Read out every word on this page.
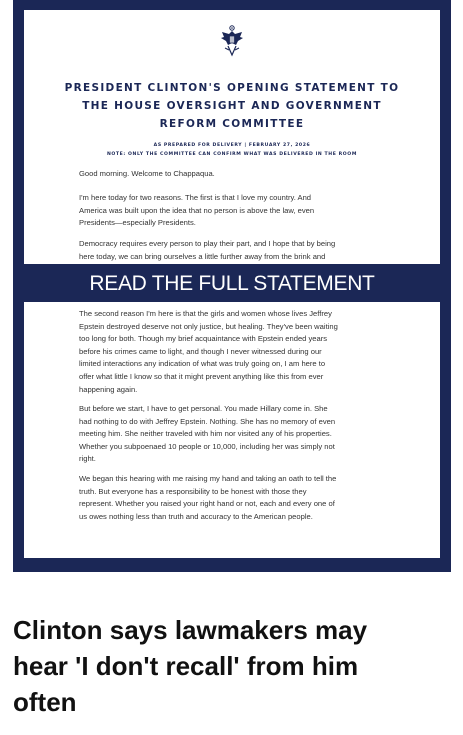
PRESIDENT CLINTON'S OPENING STATEMENT TO
THE HOUSE OVERSIGHT AND GOVERNMENT
REFORM COMMITTEE
AS PREPARED FOR DELIVERY | FEBRUARY 27, 2026
NOTE: ONLY THE COMMITTEE CAN CONFIRM WHAT WAS DELIVERED IN THE ROOM
Good morning. Welcome to Chappaqua.
I'm here today for two reasons. The first is that I love my country. And
America was built upon the idea that no person is above the law, even
Presidents—especially Presidents.
Democracy requires every person to play their part, and I hope that by being
here today, we can bring ourselves a little further away from the brink and
READ THE FULL STATEMENT
The second reason I'm here is that the girls and women whose lives Jeffrey
Epstein destroyed deserve not only justice, but healing. They've been waiting
too long for both. Though my brief acquaintance with Epstein ended years
before his crimes came to light, and though I never witnessed during our
limited interactions any indication of what was truly going on, I am here to
offer what little I know so that it might prevent anything like this from ever
happening again.
But before we start, I have to get personal. You made Hillary come in. She
had nothing to do with Jeffrey Epstein. Nothing. She has no memory of even
meeting him. She neither traveled with him nor visited any of his properties.
Whether you subpoenaed 10 people or 10,000, including her was simply not
right.
We began this hearing with me raising my hand and taking an oath to tell the
truth. But everyone has a responsibility to be honest with those they
represent. Whether you raised your right hand or not, each and every one of
us owes nothing less than truth and accuracy to the American people.
Clinton says lawmakers may
hear 'I don't recall' from him
often
